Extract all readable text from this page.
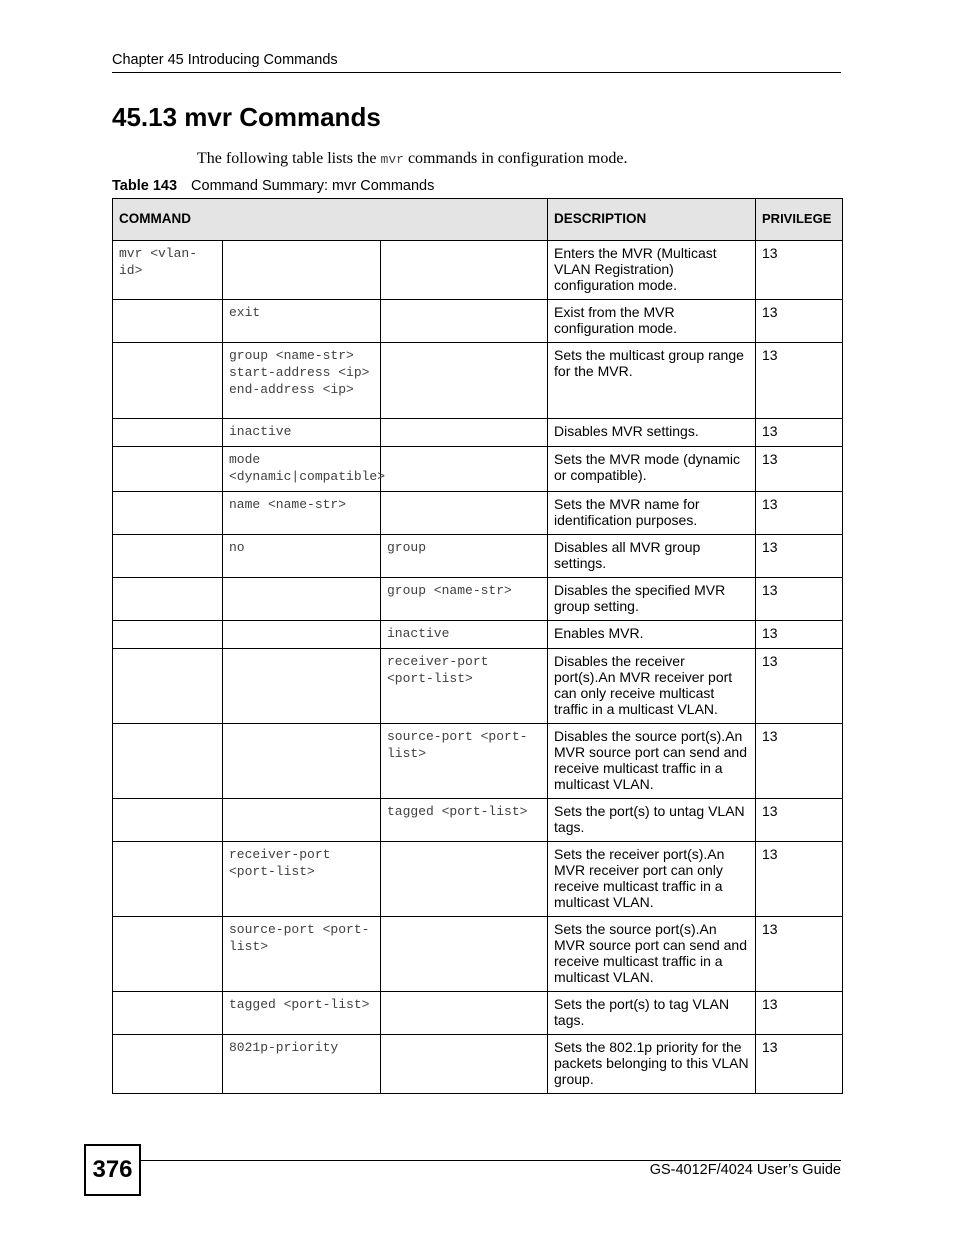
Chapter 45 Introducing Commands
45.13 mvr Commands
The following table lists the mvr commands in configuration mode.
Table 143 Command Summary: mvr Commands
COMMAND			DESCRIPTION	PRIVILEGE
mvr <vlan-id>			Enters the MVR (Multicast VLAN Registration) configuration mode.	13
	exit		Exist from the MVR configuration mode.	13
	group <name-str> start-address <ip> end-address <ip>		Sets the multicast group range for the MVR.	13
	inactive		Disables MVR settings.	13
	mode <dynamic|compatible>		Sets the MVR mode (dynamic or compatible).	13
	name <name-str>		Sets the MVR name for identification purposes.	13
	no	group	Disables all MVR group settings.	13
		group <name-str>	Disables the specified MVR group setting.	13
		inactive	Enables MVR.	13
		receiver-port <port-list>	Disables the receiver port(s).An MVR receiver port can only receive multicast traffic in a multicast VLAN.	13
		source-port <port-list>	Disables the source port(s).An MVR source port can send and receive multicast traffic in a multicast VLAN.	13
		tagged <port-list>	Sets the port(s) to untag VLAN tags.	13
	receiver-port <port-list>		Sets the receiver port(s).An MVR receiver port can only receive multicast traffic in a multicast VLAN.	13
	source-port <port-list>		Sets the source port(s).An MVR source port can send and receive multicast traffic in a multicast VLAN.	13
	tagged <port-list>		Sets the port(s) to tag VLAN tags.	13
	8021p-priority		Sets the 802.1p priority for the packets belonging to this VLAN group.	13
376	GS-4012F/4024 User’s Guide
